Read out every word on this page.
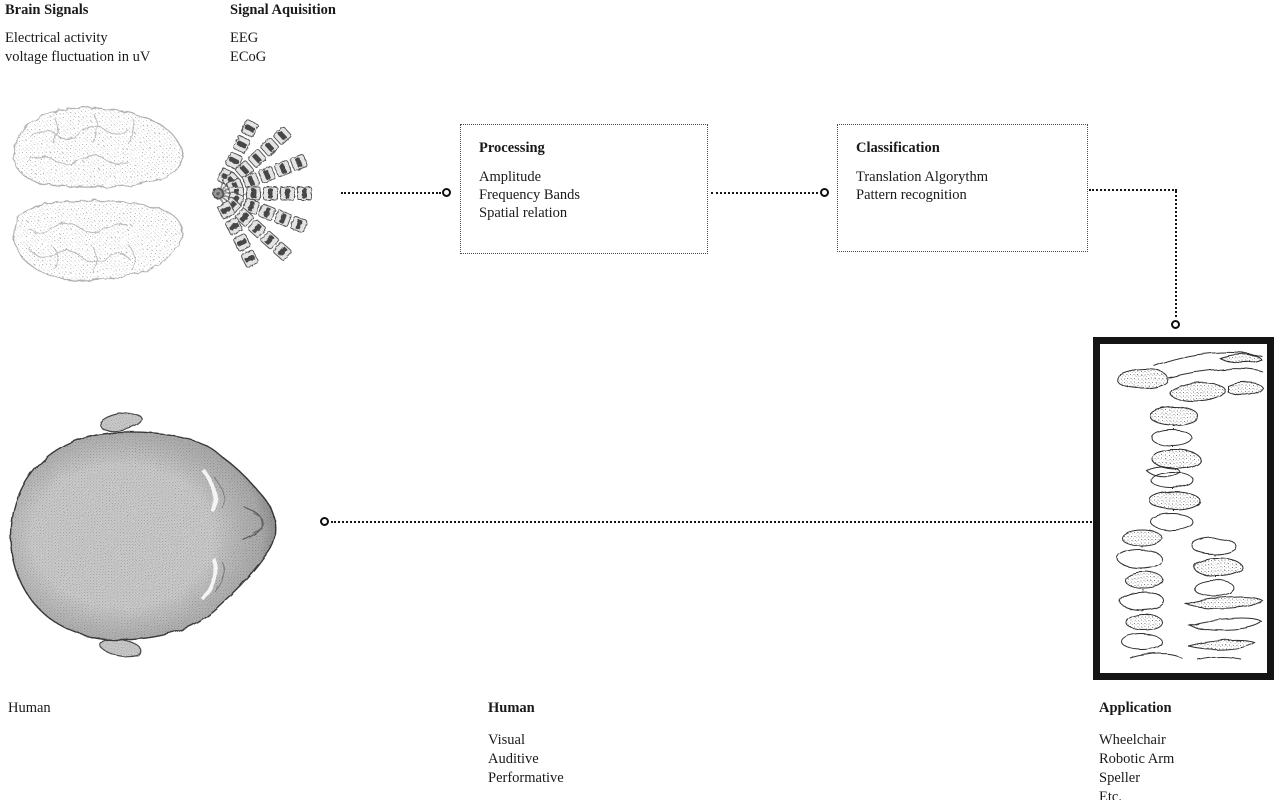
Brain Signals
Electrical activity
voltage fluctuation in uV
Signal Aquisition
EEG
ECoG
Processing
Amplitude
Frequency Bands
Spatial relation
Classification
Translation Algorythm
Pattern recognition
Human	Human
Visual
Auditive
Performative
Application
Wheelchair
Robotic Arm
Speller
Etc.
